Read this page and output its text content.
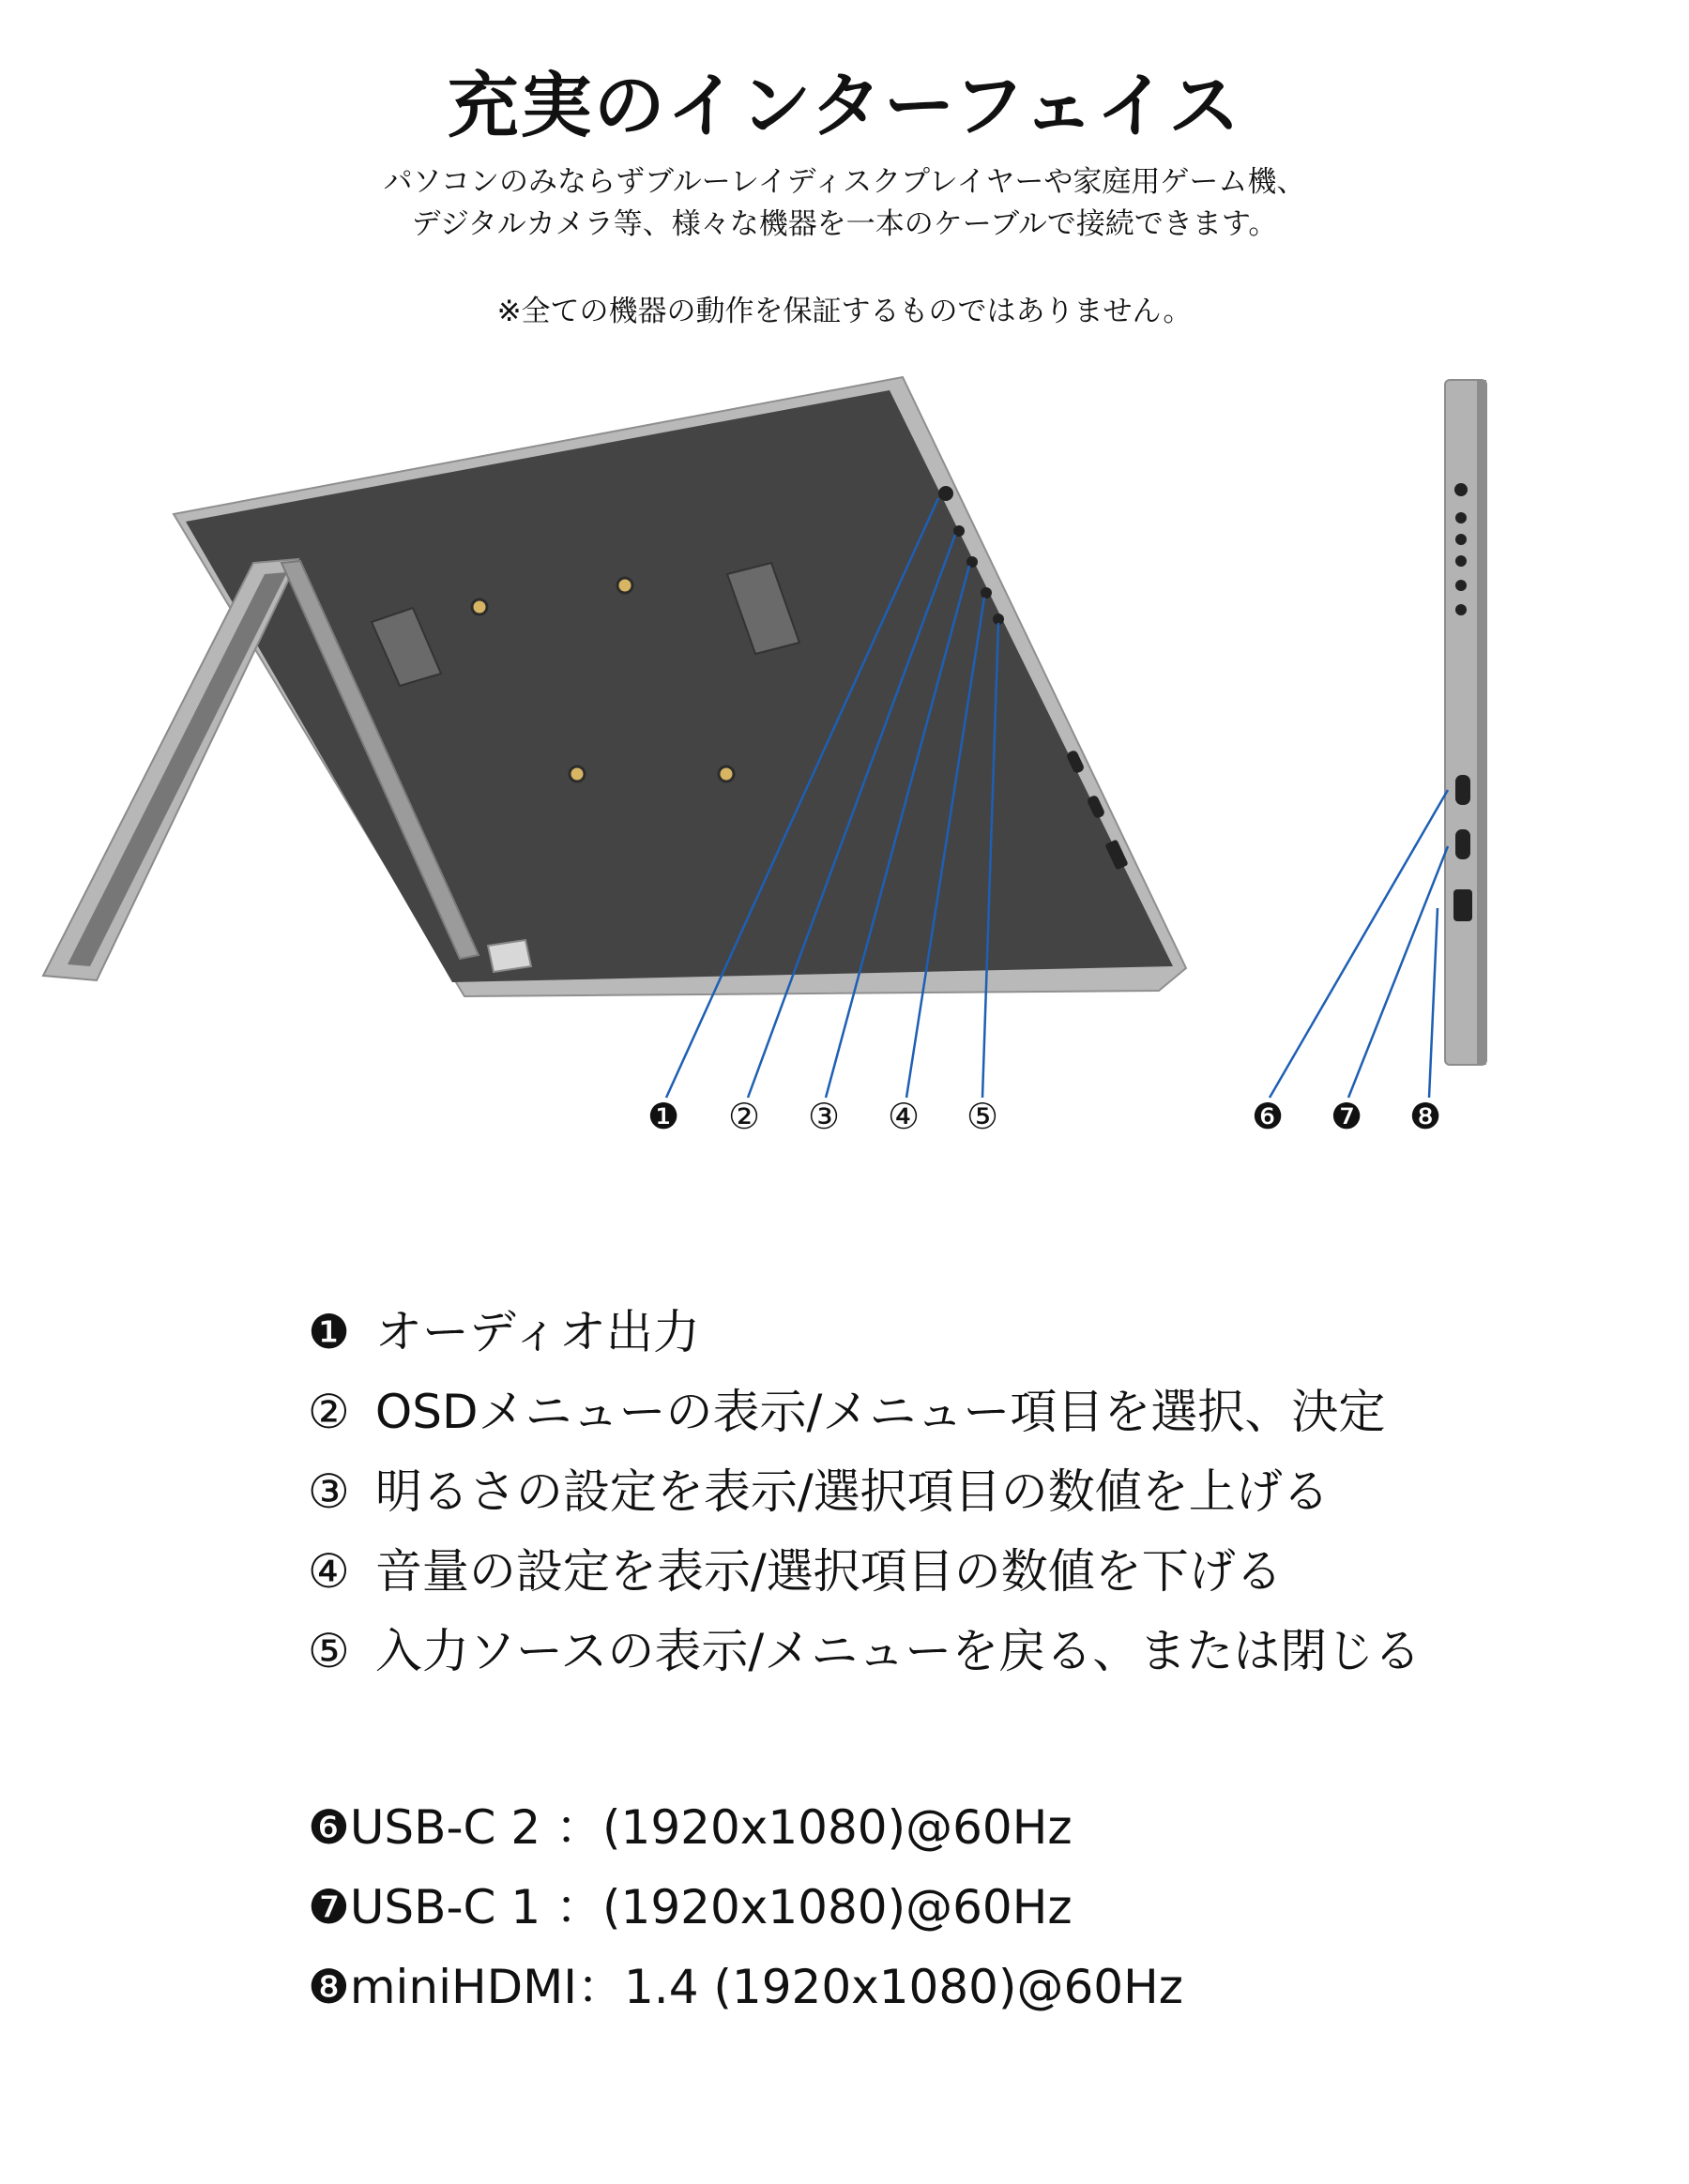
充実のインターフェイス

パソコンのみならずブルーレイディスクプレイヤーや家庭用ゲーム機、

デジタルカメラ等、様々な機器を一本のケーブルで接続できます。

※全ての機器の動作を保証するものではありません。
❶ ② ③ ④ ⑤	❻ ❼ ❽
❶ オーディオ出力
② OSDメニューの表示/メニュー項目を選択、決定
③ 明るさの設定を表示/選択項目の数値を上げる
④ 音量の設定を表示/選択項目の数値を下げる
⑤ 入力ソースの表示/メニューを戻る、または閉じる
❻USB-C 2 ：(1920x1080)@60Hz
❼USB-C 1 ：(1920x1080)@60Hz
❽miniHDMI：1.4 (1920x1080)@60Hz
